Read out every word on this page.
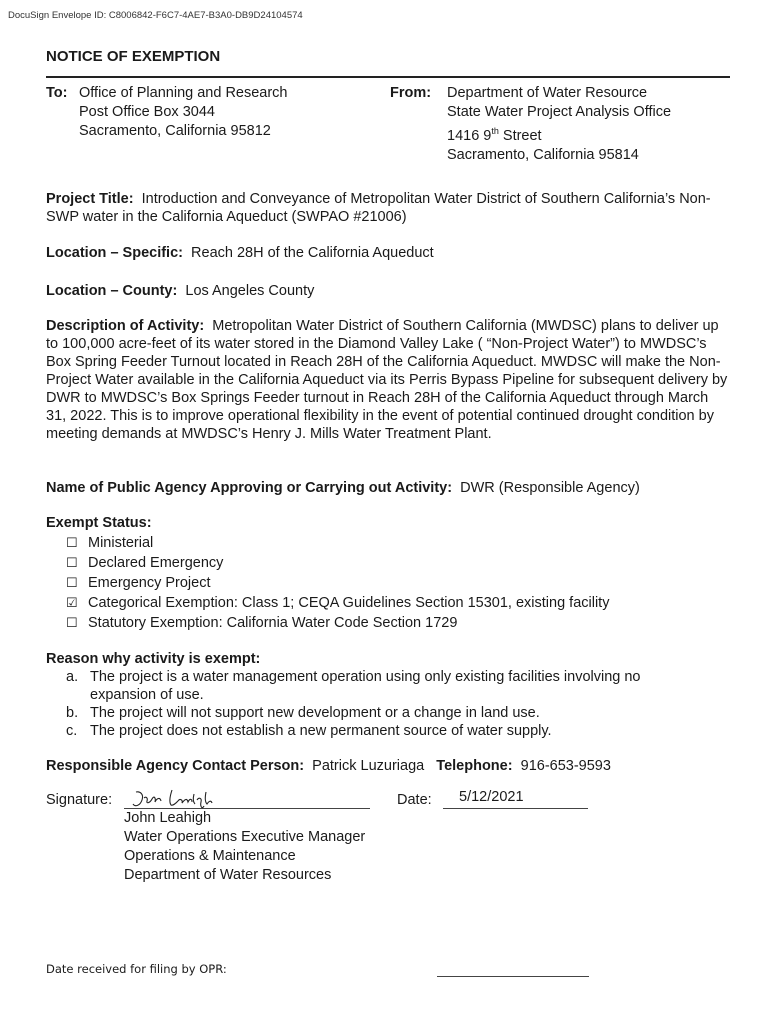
DocuSign Envelope ID: C8006842-F6C7-4AE7-B3A0-DB9D24104574
NOTICE OF EXEMPTION
To: Office of Planning and Research
Post Office Box 3044
Sacramento, California 95812
From: Department of Water Resource
State Water Project Analysis Office
1416 9th Street
Sacramento, California 95814
Project Title: Introduction and Conveyance of Metropolitan Water District of Southern California’s Non-SWP water in the California Aqueduct (SWPAO #21006)
Location – Specific: Reach 28H of the California Aqueduct
Location – County: Los Angeles County
Description of Activity: Metropolitan Water District of Southern California (MWDSC) plans to deliver up to 100,000 acre-feet of its water stored in the Diamond Valley Lake ( “Non-Project Water”) to MWDSC’s Box Spring Feeder Turnout located in Reach 28H of the California Aqueduct. MWDSC will make the Non-Project Water available in the California Aqueduct via its Perris Bypass Pipeline for subsequent delivery by DWR to MWDSC’s Box Springs Feeder turnout in Reach 28H of the California Aqueduct through March 31, 2022. This is to improve operational flexibility in the event of potential continued drought condition by meeting demands at MWDSC’s Henry J. Mills Water Treatment Plant.
Name of Public Agency Approving or Carrying out Activity: DWR (Responsible Agency)
Exempt Status:
☐ Ministerial
☐ Declared Emergency
☐ Emergency Project
☑ Categorical Exemption: Class 1; CEQA Guidelines Section 15301, existing facility
☐ Statutory Exemption: California Water Code Section 1729
Reason why activity is exempt:
a. The project is a water management operation using only existing facilities involving no expansion of use.
b. The project will not support new development or a change in land use.
c. The project does not establish a new permanent source of water supply.
Responsible Agency Contact Person: Patrick Luzuriaga Telephone: 916-653-9593
Signature:	Date: 5/12/2021
John Leahigh
Water Operations Executive Manager
Operations & Maintenance
Department of Water Resources
Date received for filing by OPR:
